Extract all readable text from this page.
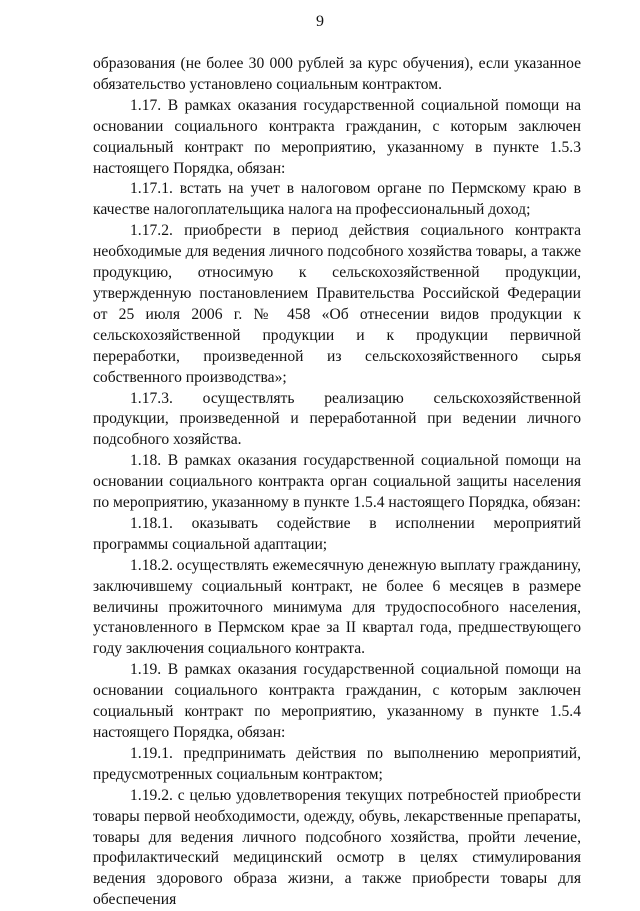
9

образования (не более 30 000 рублей за курс обучения), если указанное обязательство установлено социальным контрактом.

1.17. В рамках оказания государственной социальной помощи на основании социального контракта гражданин, с которым заключен социальный контракт по мероприятию, указанному в пункте 1.5.3 настоящего Порядка, обязан:

1.17.1. встать на учет в налоговом органе по Пермскому краю в качестве налогоплательщика налога на профессиональный доход;

1.17.2. приобрести в период действия социального контракта необходимые для ведения личного подсобного хозяйства товары, а также продукцию, относимую к сельскохозяйственной продукции, утвержденную постановлением Правительства Российской Федерации от 25 июля 2006 г. № 458 «Об отнесении видов продукции к сельскохозяйственной продукции и к продукции первичной переработки, произведенной из сельскохозяйственного сырья собственного производства»;

1.17.3. осуществлять реализацию сельскохозяйственной продукции, произведенной и переработанной при ведении личного подсобного хозяйства.

1.18. В рамках оказания государственной социальной помощи на основании социального контракта орган социальной защиты населения по мероприятию, указанному в пункте 1.5.4 настоящего Порядка, обязан:

1.18.1. оказывать содействие в исполнении мероприятий программы социальной адаптации;

1.18.2. осуществлять ежемесячную денежную выплату гражданину, заключившему социальный контракт, не более 6 месяцев в размере величины прожиточного минимума для трудоспособного населения, установленного в Пермском крае за II квартал года, предшествующего году заключения социального контракта.

1.19. В рамках оказания государственной социальной помощи на основании социального контракта гражданин, с которым заключен социальный контракт по мероприятию, указанному в пункте 1.5.4 настоящего Порядка, обязан:

1.19.1. предпринимать действия по выполнению мероприятий, предусмотренных социальным контрактом;

1.19.2. с целью удовлетворения текущих потребностей приобрести товары первой необходимости, одежду, обувь, лекарственные препараты, товары для ведения личного подсобного хозяйства, пройти лечение, профилактический медицинский осмотр в целях стимулирования ведения здорового образа жизни, а также приобрести товары для обеспечения
